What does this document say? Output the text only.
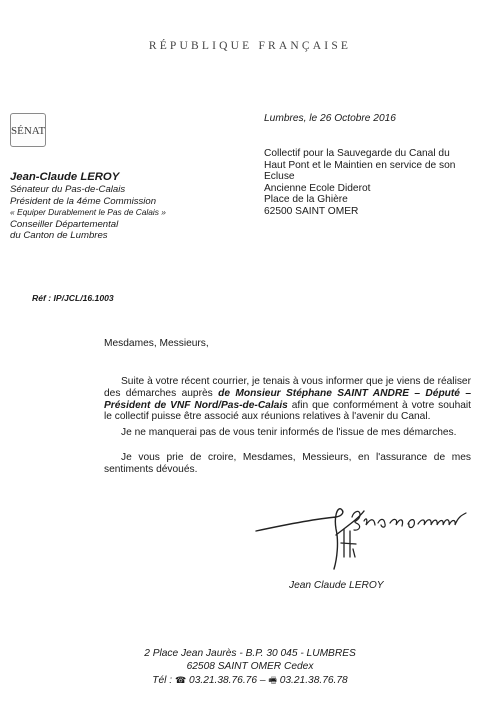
RÉPUBLIQUE FRANÇAISE
SÉNAT
Jean-Claude LEROY
Sénateur du Pas-de-Calais
Président de la 4éme Commission
« Equiper Durablement le Pas de Calais »
Conseiller Départemental
du Canton de Lumbres
Lumbres, le 26 Octobre 2016
Collectif pour la Sauvegarde du Canal du
Haut Pont et le Maintien en service de son
Ecluse
Ancienne Ecole Diderot
Place de la Ghière
62500 SAINT OMER
Réf : IP/JCL/16.1003
Mesdames, Messieurs,
Suite à votre récent courrier, je tenais à vous informer que je viens de réaliser des démarches auprès de Monsieur Stéphane SAINT ANDRE – Député – Président de VNF Nord/Pas-de-Calais afin que conformément à votre souhait le collectif puisse être associé aux réunions relatives à l'avenir du Canal.
Je ne manquerai pas de vous tenir informés de l'issue de mes démarches.
Je vous prie de croire, Mesdames, Messieurs, en l'assurance de mes sentiments dévoués.
Jean Claude LEROY
2 Place Jean Jaurès - B.P. 30 045 - LUMBRES
62508 SAINT OMER Cedex
Tél : ☎ 03.21.38.76.76 – 🖷 03.21.38.76.78
